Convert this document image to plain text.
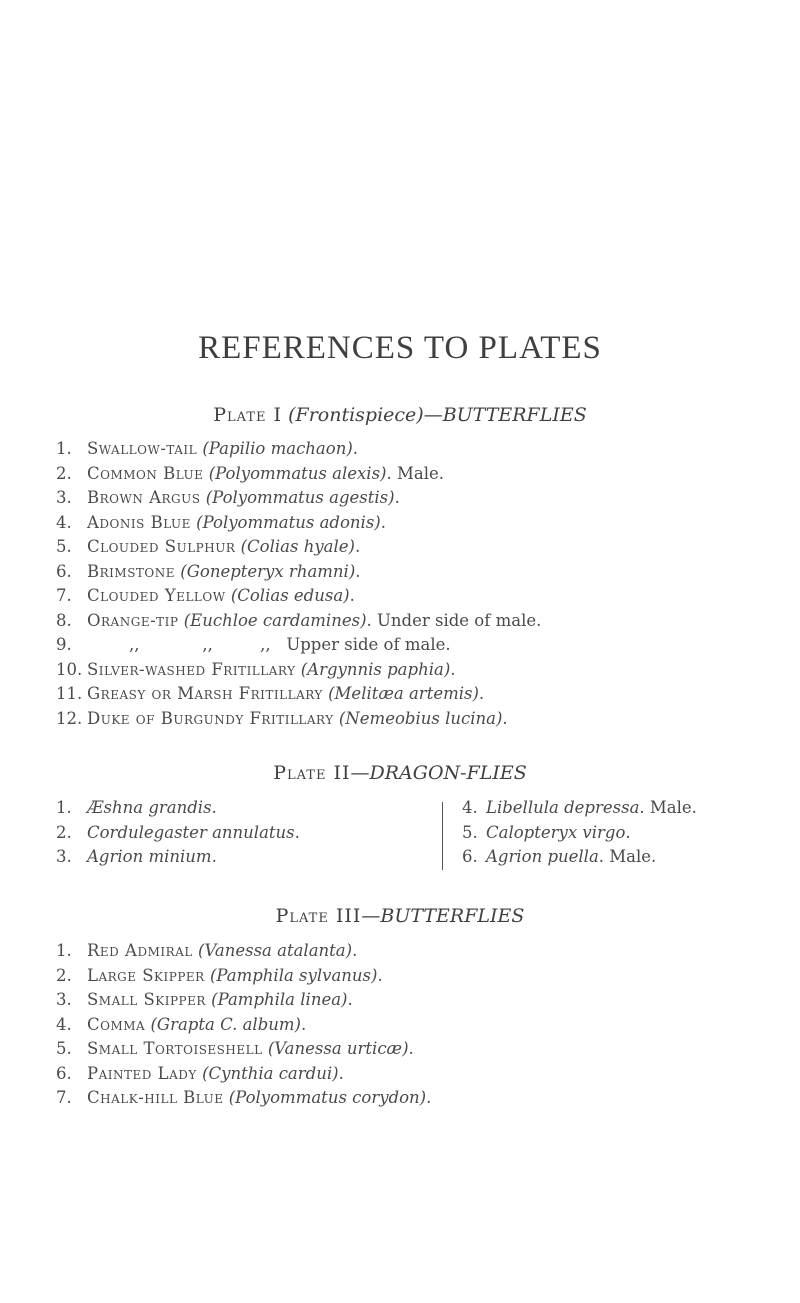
REFERENCES TO PLATES
Plate I (Frontispiece)—BUTTERFLIES
1. Swallow-tail (Papilio machaon).
2. Common Blue (Polyommatus alexis). Male.
3. Brown Argus (Polyommatus agestis).
4. Adonis Blue (Polyommatus adonis).
5. Clouded Sulphur (Colias hyale).
6. Brimstone (Gonepteryx rhamni).
7. Clouded Yellow (Colias edusa).
8. Orange-tip (Euchloe cardamines). Under side of male.
9.        ,,            ,,         ,,   Upper side of male.
10. Silver-washed Fritillary (Argynnis paphia).
11. Greasy or Marsh Fritillary (Melitæa artemis).
12. Duke of Burgundy Fritillary (Nemeobius lucina).
Plate II—DRAGON-FLIES
1. Æshna grandis.
2. Cordulegaster annulatus.
3. Agrion minium.
4. Libellula depressa. Male.
5. Calopteryx virgo.
6. Agrion puella. Male.
Plate III—BUTTERFLIES
1. Red Admiral (Vanessa atalanta).
2. Large Skipper (Pamphila sylvanus).
3. Small Skipper (Pamphila linea).
4. Comma (Grapta C. album).
5. Small Tortoiseshell (Vanessa urticæ).
6. Painted Lady (Cynthia cardui).
7. Chalk-hill Blue (Polyommatus corydon).
